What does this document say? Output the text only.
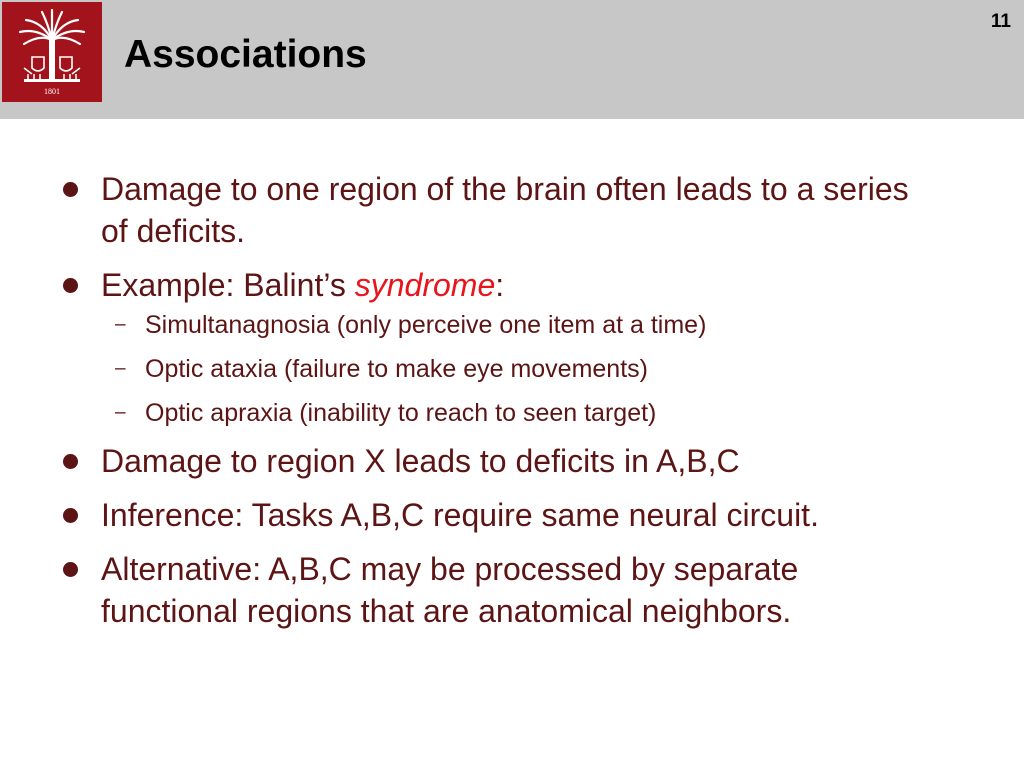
1801
Associations
11
Damage to one region of the brain often leads to a series of deficits.
Example: Balint’s syndrome:
– Simultanagnosia (only perceive one item at a time)
– Optic ataxia (failure to make eye movements)
– Optic apraxia (inability to reach to seen target)
Damage to region X leads to deficits in A,B,C
Inference: Tasks A,B,C require same neural circuit.
Alternative: A,B,C may be processed by separate functional regions that are anatomical neighbors.
